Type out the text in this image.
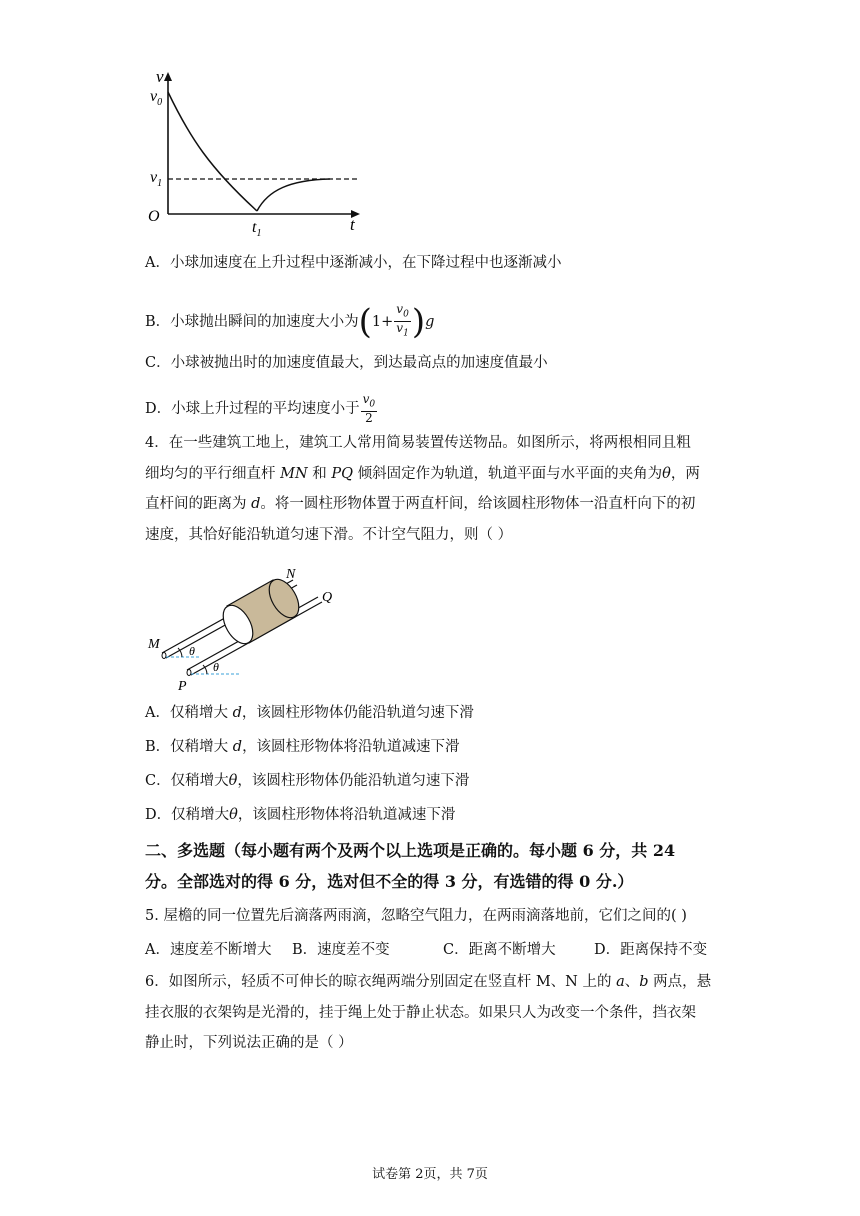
v
$v_0$
$v_1$
O
$t_1$	t
A．小球加速度在上升过程中逐渐减小，在下降过程中也逐渐减小
B．小球抛出瞬间的加速度大小为$(1+ \frac{v_0}{v_1} )g$
C．小球被抛出时的加速度值最大，到达最高点的加速度值最小
D．小球上升过程的平均速度小于 $\frac{v_0}{2}$
4．在一些建筑工地上，建筑工人常用简易装置传送物品。如图所示，将两根相同且粗
细均匀的平行细直杆 MN 和 PQ 倾斜固定作为轨道，轨道平面与水平面的夹角为θ，两
直杆间的距离为 d。将一圆柱形物体置于两直杆间，给该圆柱形物体一沿直杆向下的初
速度，其恰好能沿轨道匀速下滑。不计空气阻力，则（ ）
N
Q
M
P
θ
θ
A．仅稍增大 d，该圆柱形物体仍能沿轨道匀速下滑
B．仅稍增大 d，该圆柱形物体将沿轨道减速下滑
C．仅稍增大θ，该圆柱形物体仍能沿轨道匀速下滑
D．仅稍增大θ，该圆柱形物体将沿轨道减速下滑
二、多选题（每小题有两个及两个以上选项是正确的。每小题 6 分，共 24
分。全部选对的得 6 分，选对但不全的得 3 分，有选错的得 0 分.）
5. 屋檐的同一位置先后滴落两雨滴，忽略空气阻力，在两雨滴落地前，它们之间的( )
A．速度差不断增大 B．速度差不变	C．距离不断增大	D．距离保持不变
6．如图所示，轻质不可伸长的晾衣绳两端分别固定在竖直杆 M、N 上的 a、b 两点，悬
挂衣服的衣架钩是光滑的，挂于绳上处于静止状态。如果只人为改变一个条件，挡衣架
静止时，下列说法正确的是（ ）
试卷第 2页，共 7页
